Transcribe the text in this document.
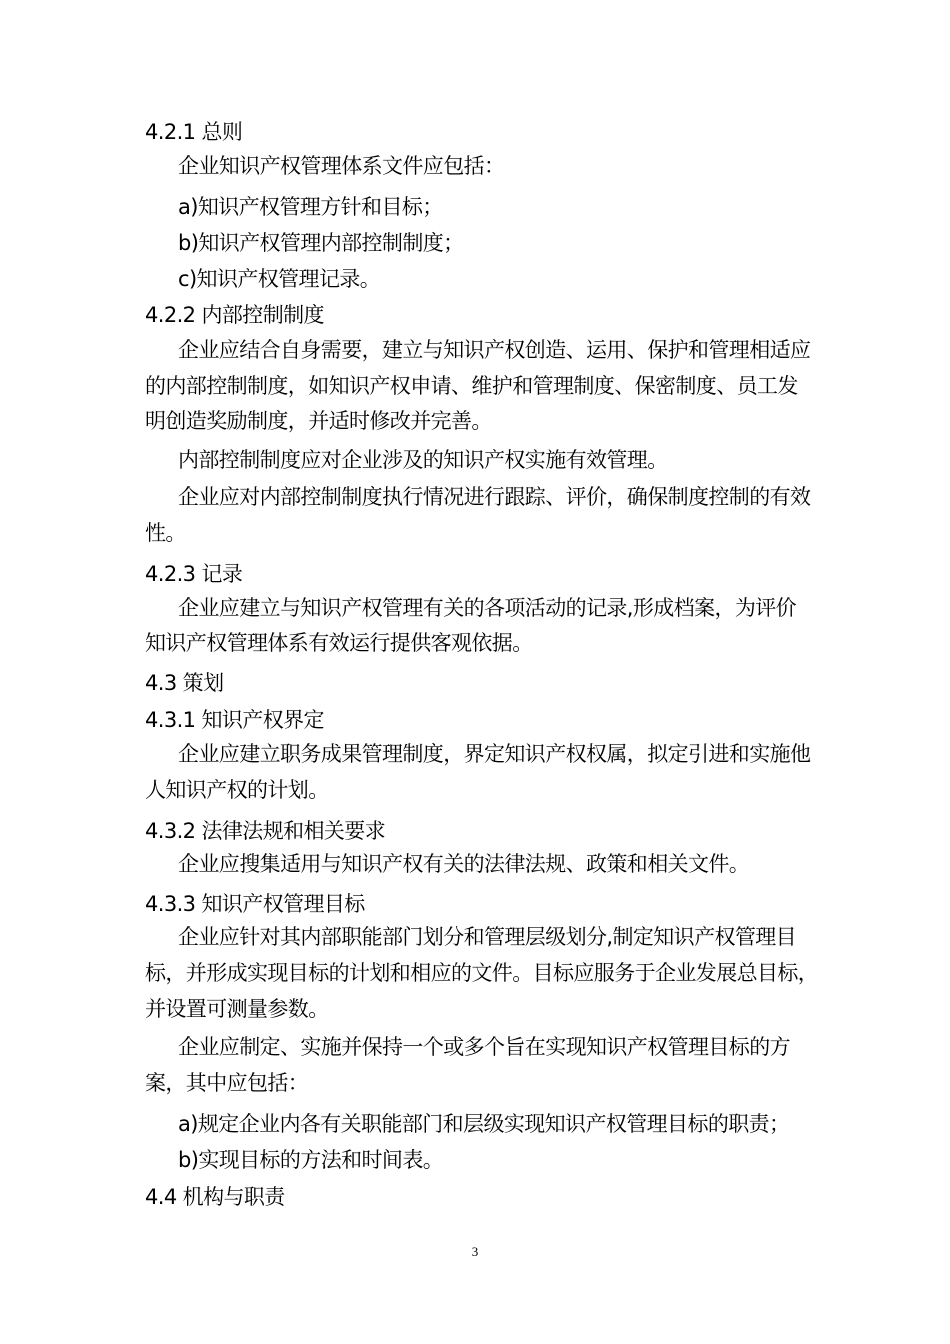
4.2.1 总则
企业知识产权管理体系文件应包括：
a)知识产权管理方针和目标；
b)知识产权管理内部控制制度；
c)知识产权管理记录。
4.2.2 内部控制制度
企业应结合自身需要，建立与知识产权创造、运用、保护和管理相适应
的内部控制制度，如知识产权申请、维护和管理制度、保密制度、员工发
明创造奖励制度，并适时修改并完善。
内部控制制度应对企业涉及的知识产权实施有效管理。
企业应对内部控制制度执行情况进行跟踪、评价，确保制度控制的有效
性。
4.2.3 记录
企业应建立与知识产权管理有关的各项活动的记录,形成档案，为评价
知识产权管理体系有效运行提供客观依据。
4.3 策划
4.3.1 知识产权界定
企业应建立职务成果管理制度，界定知识产权权属，拟定引进和实施他
人知识产权的计划。
4.3.2 法律法规和相关要求
企业应搜集适用与知识产权有关的法律法规、政策和相关文件。
4.3.3 知识产权管理目标
企业应针对其内部职能部门划分和管理层级划分,制定知识产权管理目
标，并形成实现目标的计划和相应的文件。目标应服务于企业发展总目标，
并设置可测量参数。
企业应制定、实施并保持一个或多个旨在实现知识产权管理目标的方
案，其中应包括：
a)规定企业内各有关职能部门和层级实现知识产权管理目标的职责；
b)实现目标的方法和时间表。
4.4 机构与职责
3
